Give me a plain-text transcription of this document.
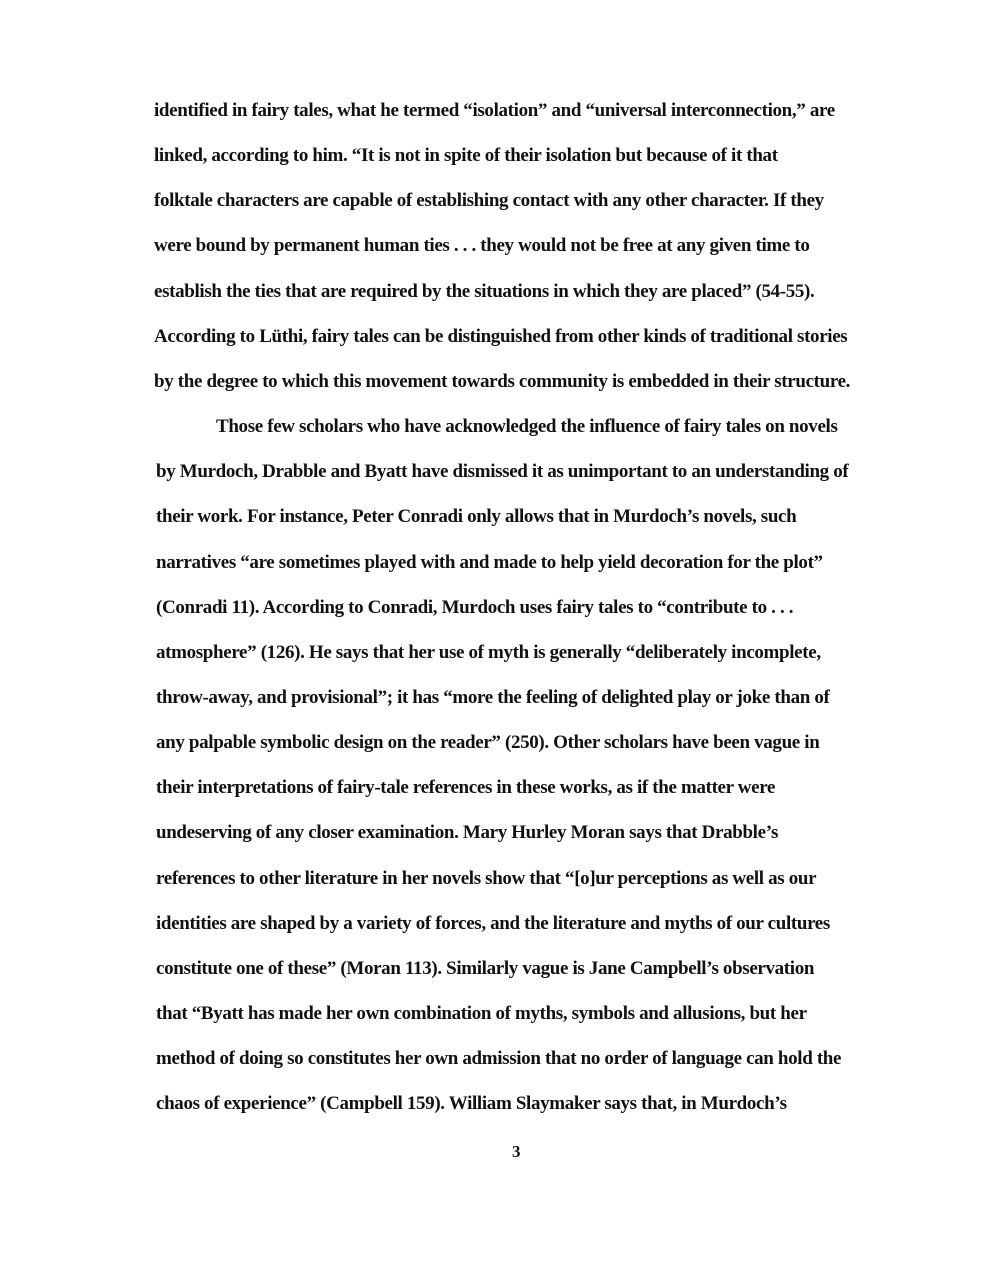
identified in fairy tales, what he termed “isolation” and “universal interconnection,” are
linked, according to him. “It is not in spite of their isolation but because of it that
folktale characters are capable of establishing contact with any other character. If they
were bound by permanent human ties . . . they would not be free at any given time to
establish the ties that are required by the situations in which they are placed” (54-55).
According to Lüthi, fairy tales can be distinguished from other kinds of traditional stories
by the degree to which this movement towards community is embedded in their structure.
Those few scholars who have acknowledged the influence of fairy tales on novels
by Murdoch, Drabble and Byatt have dismissed it as unimportant to an understanding of
their work. For instance, Peter Conradi only allows that in Murdoch’s novels, such
narratives “are sometimes played with and made to help yield decoration for the plot”
(Conradi 11). According to Conradi, Murdoch uses fairy tales to “contribute to . . .
atmosphere” (126). He says that her use of myth is generally “deliberately incomplete,
throw-away, and provisional”; it has “more the feeling of delighted play or joke than of
any palpable symbolic design on the reader” (250). Other scholars have been vague in
their interpretations of fairy-tale references in these works, as if the matter were
undeserving of any closer examination. Mary Hurley Moran says that Drabble’s
references to other literature in her novels show that “[o]ur perceptions as well as our
identities are shaped by a variety of forces, and the literature and myths of our cultures
constitute one of these” (Moran 113). Similarly vague is Jane Campbell’s observation
that “Byatt has made her own combination of myths, symbols and allusions, but her
method of doing so constitutes her own admission that no order of language can hold the
chaos of experience” (Campbell 159). William Slaymaker says that, in Murdoch’s
3
